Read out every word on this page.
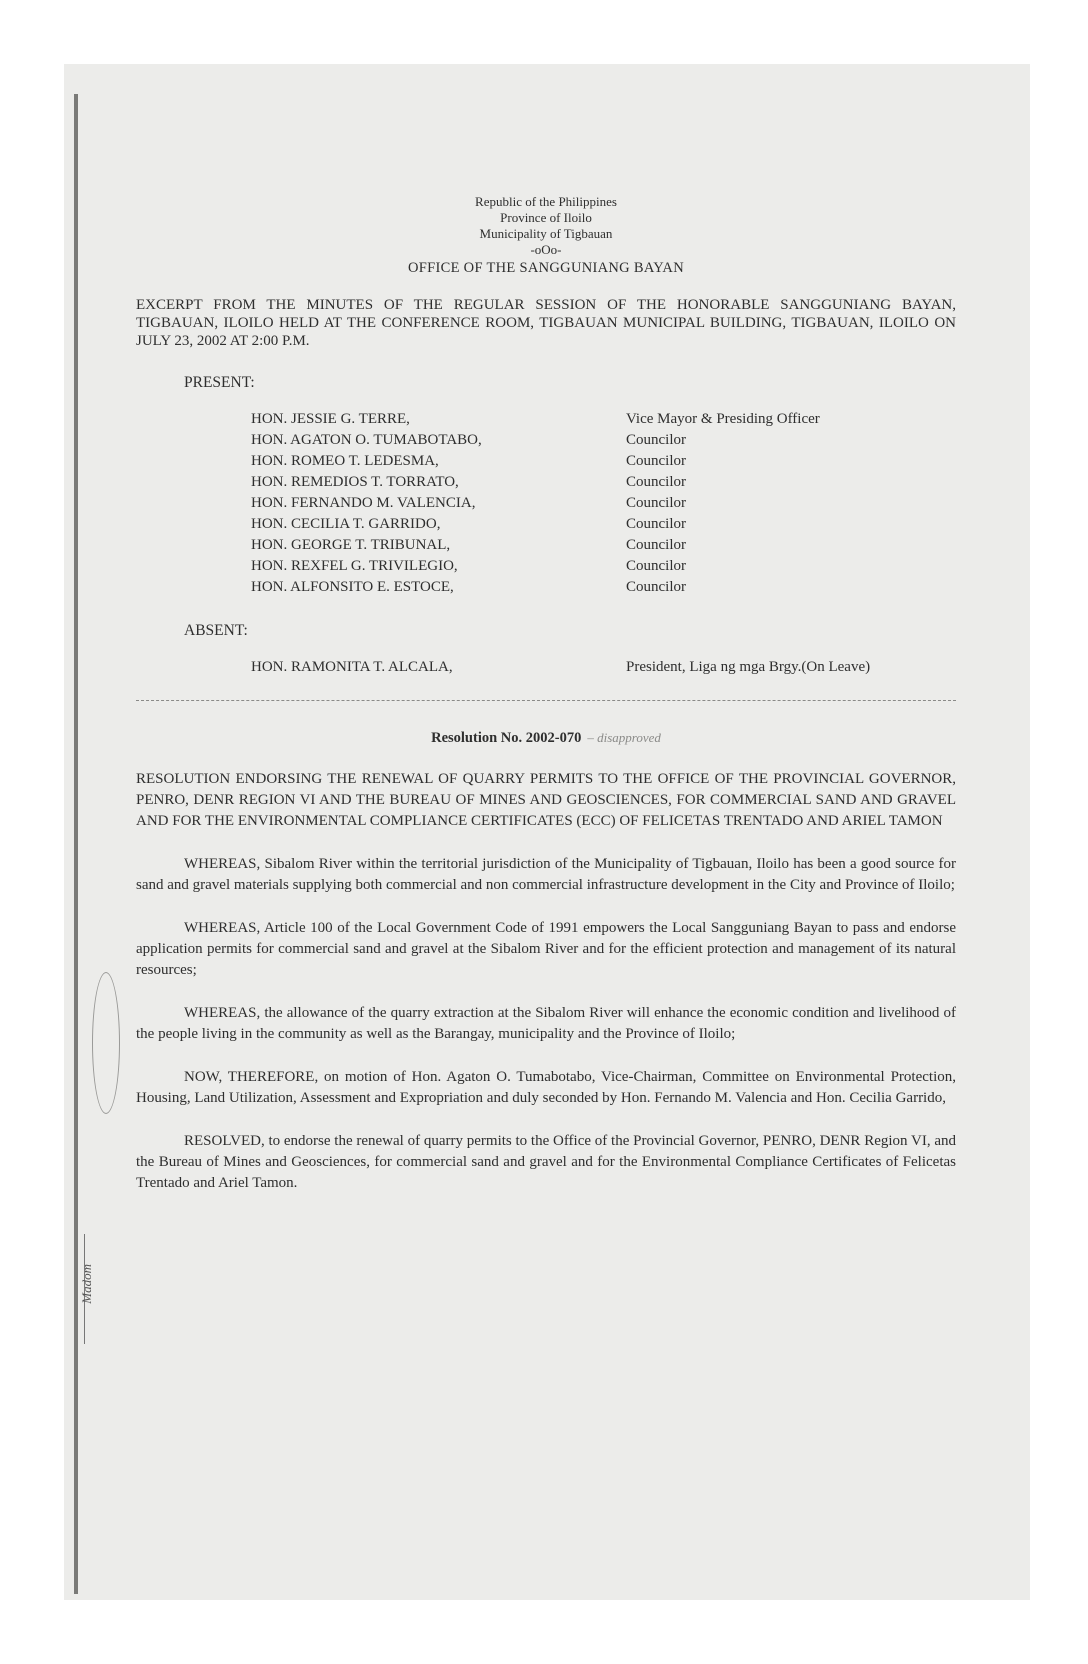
Madom
Republic of the Philippines
Province of Iloilo
Municipality of Tigbauan
-oOo-
OFFICE OF THE SANGGUNIANG BAYAN
EXCERPT FROM THE MINUTES OF THE REGULAR SESSION OF THE HONORABLE SANGGUNIANG BAYAN, TIGBAUAN, ILOILO HELD AT THE CONFERENCE ROOM, TIGBAUAN MUNICIPAL BUILDING, TIGBAUAN, ILOILO ON JULY 23, 2002 AT 2:00 P.M.
PRESENT:
HON. JESSIE G. TERRE,	Vice Mayor & Presiding Officer
HON. AGATON O. TUMABOTABO,	Councilor
HON. ROMEO T. LEDESMA,	Councilor
HON. REMEDIOS T. TORRATO,	Councilor
HON. FERNANDO M. VALENCIA,	Councilor
HON. CECILIA T. GARRIDO,	Councilor
HON. GEORGE T. TRIBUNAL,	Councilor
HON. REXFEL G. TRIVILEGIO,	Councilor
HON. ALFONSITO E. ESTOCE,	Councilor
ABSENT:
HON. RAMONITA T. ALCALA,	President, Liga ng mga Brgy.(On Leave)
Resolution No. 2002-070 – disapproved
RESOLUTION ENDORSING THE RENEWAL OF QUARRY PERMITS TO THE OFFICE OF THE PROVINCIAL GOVERNOR, PENRO, DENR REGION VI AND THE BUREAU OF MINES AND GEOSCIENCES, FOR COMMERCIAL SAND AND GRAVEL AND FOR THE ENVIRONMENTAL COMPLIANCE CERTIFICATES (ECC) OF FELICETAS TRENTADO AND ARIEL TAMON
WHEREAS, Sibalom River within the territorial jurisdiction of the Municipality of Tigbauan, Iloilo has been a good source for sand and gravel materials supplying both commercial and non commercial infrastructure development in the City and Province of Iloilo;
WHEREAS, Article 100 of the Local Government Code of 1991 empowers the Local Sangguniang Bayan to pass and endorse application permits for commercial sand and gravel at the Sibalom River and for the efficient protection and management of its natural resources;
WHEREAS, the allowance of the quarry extraction at the Sibalom River will enhance the economic condition and livelihood of the people living in the community as well as the Barangay, municipality and the Province of Iloilo;
NOW, THEREFORE, on motion of Hon. Agaton O. Tumabotabo, Vice-Chairman, Committee on Environmental Protection, Housing, Land Utilization, Assessment and Expropriation and duly seconded by Hon. Fernando M. Valencia and Hon. Cecilia Garrido,
RESOLVED, to endorse the renewal of quarry permits to the Office of the Provincial Governor, PENRO, DENR Region VI, and the Bureau of Mines and Geosciences, for commercial sand and gravel and for the Environmental Compliance Certificates of Felicetas Trentado and Ariel Tamon.
